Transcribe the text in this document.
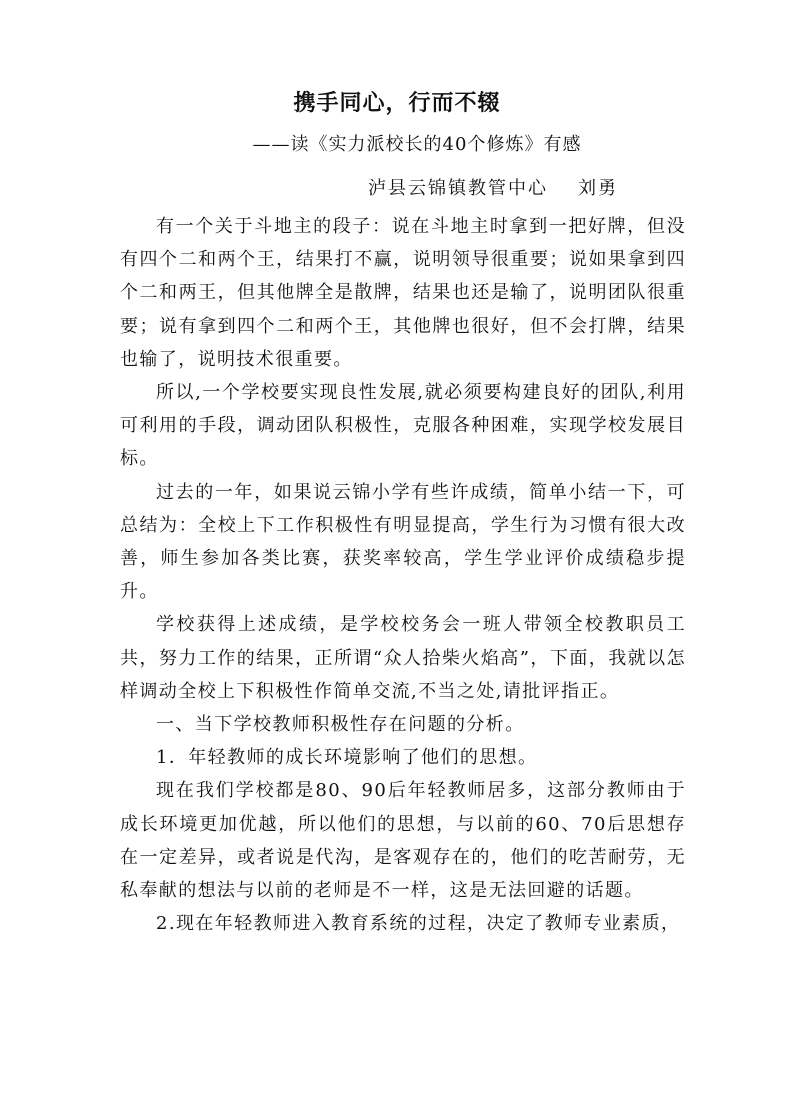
携手同心，行而不辍
——读《实力派校长的40个修炼》有感
泸县云锦镇教管中心 刘勇

有一个关于斗地主的段子：说在斗地主时拿到一把好牌，但没有四个二和两个王，结果打不赢，说明领导很重要；说如果拿到四个二和两王，但其他牌全是散牌，结果也还是输了，说明团队很重要；说有拿到四个二和两个王，其他牌也很好，但不会打牌，结果也输了，说明技术很重要。

所以,一个学校要实现良性发展,就必须要构建良好的团队,利用可利用的手段，调动团队积极性，克服各种困难，实现学校发展目标。

过去的一年，如果说云锦小学有些许成绩，简单小结一下，可总结为：全校上下工作积极性有明显提高，学生行为习惯有很大改善，师生参加各类比赛，获奖率较高，学生学业评价成绩稳步提升。

学校获得上述成绩，是学校校务会一班人带领全校教职员工共，努力工作的结果，正所谓“众人拾柴火焰高”，下面，我就以怎样调动全校上下积极性作简单交流,不当之处,请批评指正。

一、当下学校教师积极性存在问题的分析。

1．年轻教师的成长环境影响了他们的思想。

现在我们学校都是80、90后年轻教师居多，这部分教师由于成长环境更加优越，所以他们的思想，与以前的60、70后思想存在一定差异，或者说是代沟，是客观存在的，他们的吃苦耐劳，无私奉献的想法与以前的老师是不一样，这是无法回避的话题。

2.现在年轻教师进入教育系统的过程，决定了教师专业素质，
